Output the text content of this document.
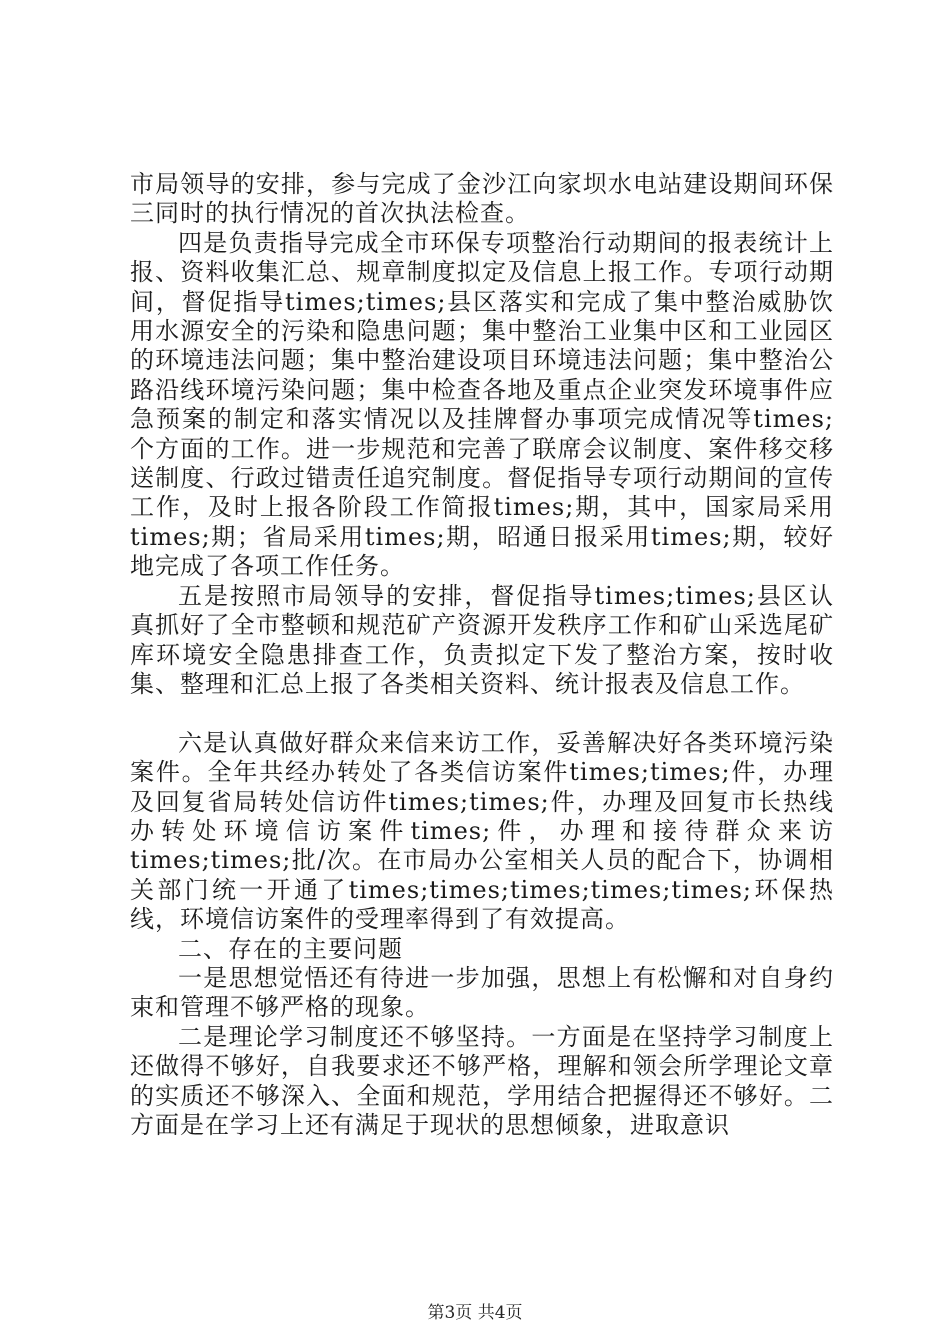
市局领导的安排，参与完成了金沙江向家坝水电站建设期间环保三同时的执行情况的首次执法检查。

四是负责指导完成全市环保专项整治行动期间的报表统计上报、资料收集汇总、规章制度拟定及信息上报工作。专项行动期间，督促指导times;times;县区落实和完成了集中整治威胁饮用水源安全的污染和隐患问题；集中整治工业集中区和工业园区的环境违法问题；集中整治建设项目环境违法问题；集中整治公路沿线环境污染问题；集中检查各地及重点企业突发环境事件应急预案的制定和落实情况以及挂牌督办事项完成情况等times;个方面的工作。进一步规范和完善了联席会议制度、案件移交移送制度、行政过错责任追究制度。督促指导专项行动期间的宣传工作，及时上报各阶段工作简报times;期，其中，国家局采用times;期；省局采用times;期，昭通日报采用times;期，较好地完成了各项工作任务。

五是按照市局领导的安排，督促指导times;times;县区认真抓好了全市整顿和规范矿产资源开发秩序工作和矿山采选尾矿库环境安全隐患排查工作，负责拟定下发了整治方案，按时收集、整理和汇总上报了各类相关资料、统计报表及信息工作。

六是认真做好群众来信来访工作，妥善解决好各类环境污染案件。全年共经办转处了各类信访案件times;times;件，办理及回复省局转处信访件times;times;件，办理及回复市长热线办转处环境信访案件times;件，办理和接待群众来访times;times;批/次。在市局办公室相关人员的配合下，协调相关部门统一开通了times;times;times;times;times;环保热线，环境信访案件的受理率得到了有效提高。

二、存在的主要问题

一是思想觉悟还有待进一步加强，思想上有松懈和对自身约束和管理不够严格的现象。

二是理论学习制度还不够坚持。一方面是在坚持学习制度上还做得不够好，自我要求还不够严格，理解和领会所学理论文章的实质还不够深入、全面和规范，学用结合把握得还不够好。二方面是在学习上还有满足于现状的思想倾象，进取意识

第3页 共4页
